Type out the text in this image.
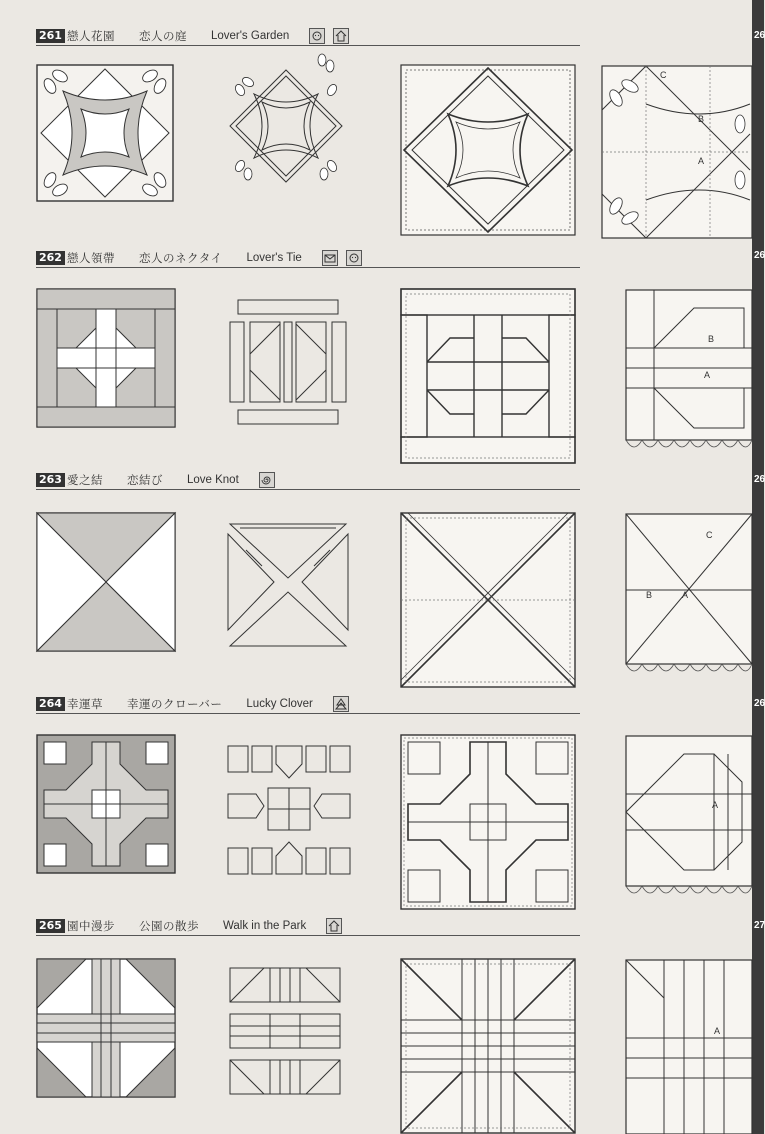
261 戀人花園 恋人の庭 Lover's Garden
C
B
A
262 戀人領帶 恋人のネクタイ Lover's Tie
B
A
263 愛之結 恋結び Love Knot
C
B	A
264 幸運草 幸運のクローバー Lucky Clover
A
265 園中漫步 公園の散歩 Walk in the Park
A
26
26
26
26
27
